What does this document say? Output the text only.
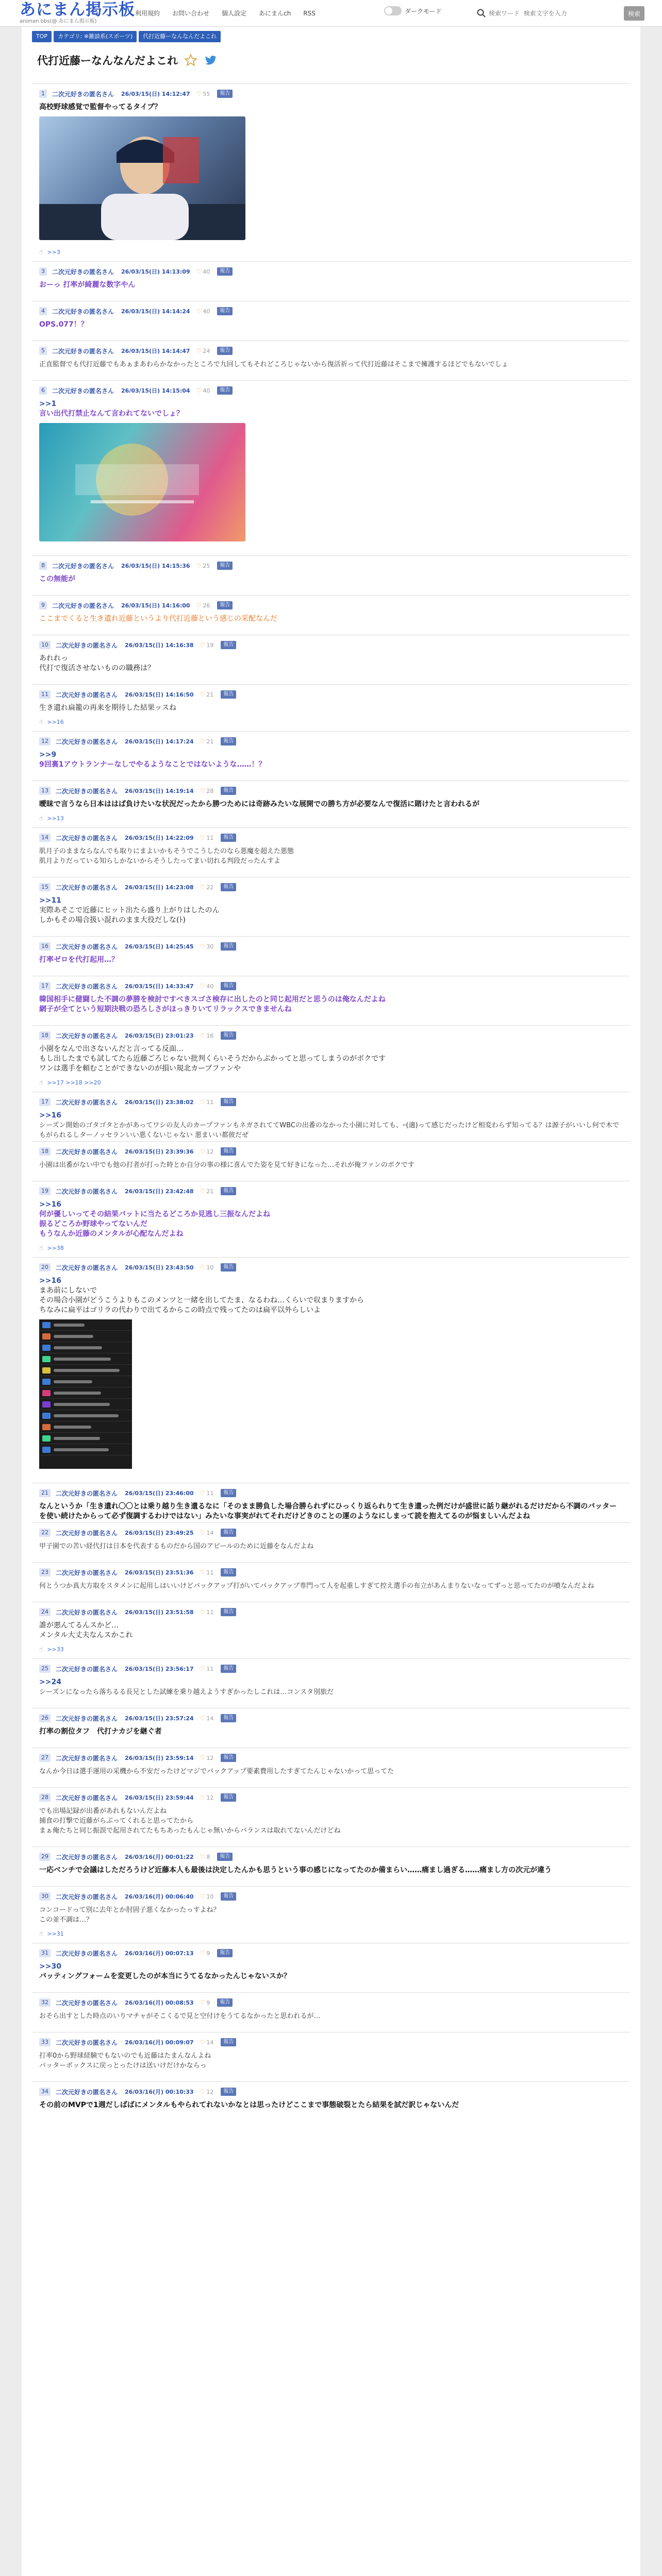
あにまん掲示板
animan bbs(@ あにまん掲示板)
利用規約 お問い合わせ 個人設定 あにまんch RSS	ダークモード
検索ワード 検索文字を入力	検索
TOP	カテゴリ: ※雑談系(スポーツ)	代打近藤ーなんなんだよこれ
代打近藤ーなんなんだよこれ
1	二次元好きの匿名さん 26/03/15(日) 14:12:47 ♡ 55	報告
高校野球感覚で監督やってるタイプ？
☝ >>3
3	二次元好きの匿名さん 26/03/15(日) 14:13:09 ♡ 40	報告
おーっ 打率が綺麗な数字やん
4	二次元好きの匿名さん 26/03/15(日) 14:14:24 ♡ 40	報告
OPS.077！？
5	二次元好きの匿名さん 26/03/15(日) 14:14:47 ♡ 24	報告
正直監督でも代打近藤でもあぁまあわらかなかったところで九回してもそれどころじゃないから復活祈って代打近藤はそこまで擁護するほどでもないでしょ
6	二次元好きの匿名さん 26/03/15(日) 14:15:04 ♡ 40	報告
>>1
言い出代打禁止なんて言われてないでしょ？
8	二次元好きの匿名さん 26/03/15(日) 14:15:36 ♡ 25	報告
この無能が
9	二次元好きの匿名さん 26/03/15(日) 14:16:00 ♡ 26	報告
ここまでくると生き遺れ近藤というより代打近藤という感じの采配なんだ
10	二次元好きの匿名さん 26/03/15(日) 14:16:38 ♡ 19	報告
あれれっ
代打で復活させないものの職務は？
11	二次元好きの匿名さん 26/03/15(日) 14:16:50 ♡ 21	報告
生き遺れ扁籠の再来を期待した結果ッスね
☝ >>16
12	二次元好きの匿名さん 26/03/15(日) 14:17:24 ♡ 21	報告
>>9
9回裏1アウトランナーなしでやるようなことではないような……！？
13	二次元好きの匿名さん 26/03/15(日) 14:19:14 ♡ 28	報告
曖昧で言うなら日本ははば負けたいな状況だったから勝つためには奇跡みたいな展開での勝ち方が必要なんで復活に賭けたと言われるが
☝ >>13
14	二次元好きの匿名さん 26/03/15(日) 14:22:09 ♡ 11	報告
肌月子のままならなんでも取りにまよいかもそうでこうしたのなら悪魔を超えた悪態
肌月よりだっている知らしかないからそうしたってまい切れる判段だったんすよ
15	二次元好きの匿名さん 26/03/15(日) 14:23:08 ♡ 22	報告
>>11
実際あそこで近藤にヒット出たら盛り上がりはしたのん
しかもその場合扱い混れのまま大役だしな(ﾄ)
16	二次元好きの匿名さん 26/03/15(日) 14:25:45 ♡ 30	報告
打率ゼロを代打起用…？
17	二次元好きの匿名さん 26/03/15(日) 14:33:47 ♡ 40	報告
韓国相手に健闘した不調の夢勝を検討ですべきスゴさ検存に出したのと同じ起用だと思うのは俺なんだよね
網子が全てという短期決戦の恐ろしさがほっきりいてリラックスできませんね
18	二次元好きの匿名さん 26/03/15(日) 23:01:23 ♡ 16	報告
小園をなんで出さないんだと言ってる反面…
もし出したまでも試してたら近藤ごろじゃない批判くらいそうだからぷかってと思ってしまうのがボクです
ワンは選手を頼むことができないのが損い規北カーブファンや
☝ >>17 >>18 >>20
17	二次元好きの匿名さん 26/03/15(日) 23:38:02 ♡ 11	報告
>>16
シーズン開始のゴタゴタとかがあってワシの友人のカープファンもネガされててWBCの出番のなかった小園に対しても、ｰ(適)って感じだったけど相変わらず知ってる？は源子がいいし何で木でもがられるしターノッセランいい悪くないじゃない 悪まいい都彼だぜ
18	二次元好きの匿名さん 26/03/15(日) 23:39:36 ♡ 12	報告
小園は出番がない中でも他の打者が打った時とか自分の事の様に喜んでた姿を見て好きになった…それが俺ファンのボクです
19	二次元好きの匿名さん 26/03/15(日) 23:42:48 ♡ 21	報告
>>16
何が優しいってその結果バットに当たるどころか見逃し三振なんだよね
振るどころか野球やってないんだ
もうなんか近藤のメンタルが心配なんだよね
☝ >>38
20	二次元好きの匿名さん 26/03/15(日) 23:43:50 ♡ 10	報告
>>16
まあ前にしないで
その場合小園がどうこうよりもこのメンツと一緒を出してたま、なるわね…くらいで収まりますから
ちなみに扁平はゴリラの代わりで出てるからこの時点で残ってたのは扁平以外らしいよ
21	二次元好きの匿名さん 26/03/15(日) 23:46:00 ♡ 11	報告
なんというか「生き遺れ〇〇とは乗り越り生き遺るなに「そのまま勝負した場合勝られずにひっくり返られりて生き遺った例だけが盛世に話り継がれるだけだから不調のバッターを使い続けたからって必ず復調するわけではない」みたいな事実がれてそれだけどきのことの運のようなにしまって読を抱えてるのが悩ましいんだよね
22	二次元好きの匿名さん 26/03/15(日) 23:49:25 ♡ 14	報告
甲子園での苦い経代打は日本を代表するものだから国のアピールのために近藤をなんだよね
23	二次元好きの匿名さん 26/03/15(日) 23:51:36 ♡ 11	報告
何とうつか真大方取をスタメンに起用しはいいけどバックアップ打がいてバックアップ専門って人を起重しすぎて控え選手の布立があんまりないなってずっと思ってたのが噴なんだよね
24	二次元好きの匿名さん 26/03/15(日) 23:51:58 ♡ 11	報告
誰が悪んてるんスかど…
メンタル大丈夫なんスかこれ
☝ >>33
25	二次元好きの匿名さん 26/03/15(日) 23:56:17 ♡ 11	報告
>>24
シーズンになったら落ちるる長兄とした試練を乗り越えようすぎかったしこれは…コンスタ別旅だ
26	二次元好きの匿名さん 26/03/15(日) 23:57:24 ♡ 14	報告
打率の割位タフ　代打ナカジを継ぐ者
27	二次元好きの匿名さん 26/03/15(日) 23:59:14 ♡ 12	報告
なんか今日は選手運用の采機から不安だったけどマジでバックアップ要素費用したすぎてたんじゃないかって思ってた
28	二次元好きの匿名さん 26/03/15(日) 23:59:44 ♡ 12	報告
でも出場記録が出番があれもないんだよね
捕食の打撃で近藤がらぶってくれると思ってたから
まぁ俺たちと同じ振誤で起用されてたもちあったもんじゃ無いからバランスは取れてないんだけどね
29	二次元好きの匿名さん 26/03/16(月) 00:01:22 ♡ 8	報告
一応ベンチで会議はしただろうけど近藤本人も最後は決定したんかも思うという事の感じになってたのか備まらい……痛まし過ぎる……痛まし方の次元が違う
30	二次元好きの匿名さん 26/03/16(月) 00:06:40 ♡ 10	報告
コンコードって別に去年とか肘固子悪くなかったっすよね？
この並不調は…？
☝ >>31
31	二次元好きの匿名さん 26/03/16(月) 00:07:13 ♡ 9	報告
>>30
バッティングフォームを変更したのが本当にうてるなかったんじゃないスか？
32	二次元好きの匿名さん 26/03/16(月) 00:08:53 ♡ 9	報告
おそら出すとした時点のいりマチャがそこくるで見と空付けをうてるなかったと思われるが…
33	二次元好きの匿名さん 26/03/16(月) 00:09:07 ♡ 14	報告
打率0から野球経験でもないのでも近藤はたまんなんよね
パッターボックスに戻っとったけは送いけだけかならっ
34	二次元好きの匿名さん 26/03/16(月) 00:10:33 ♡ 12	報告
その前のMVPで1週だしばばにメンタルもやられてれないかなとは思ったけどここまで事態破裂とたら結果を試だ訳じゃないんだ
